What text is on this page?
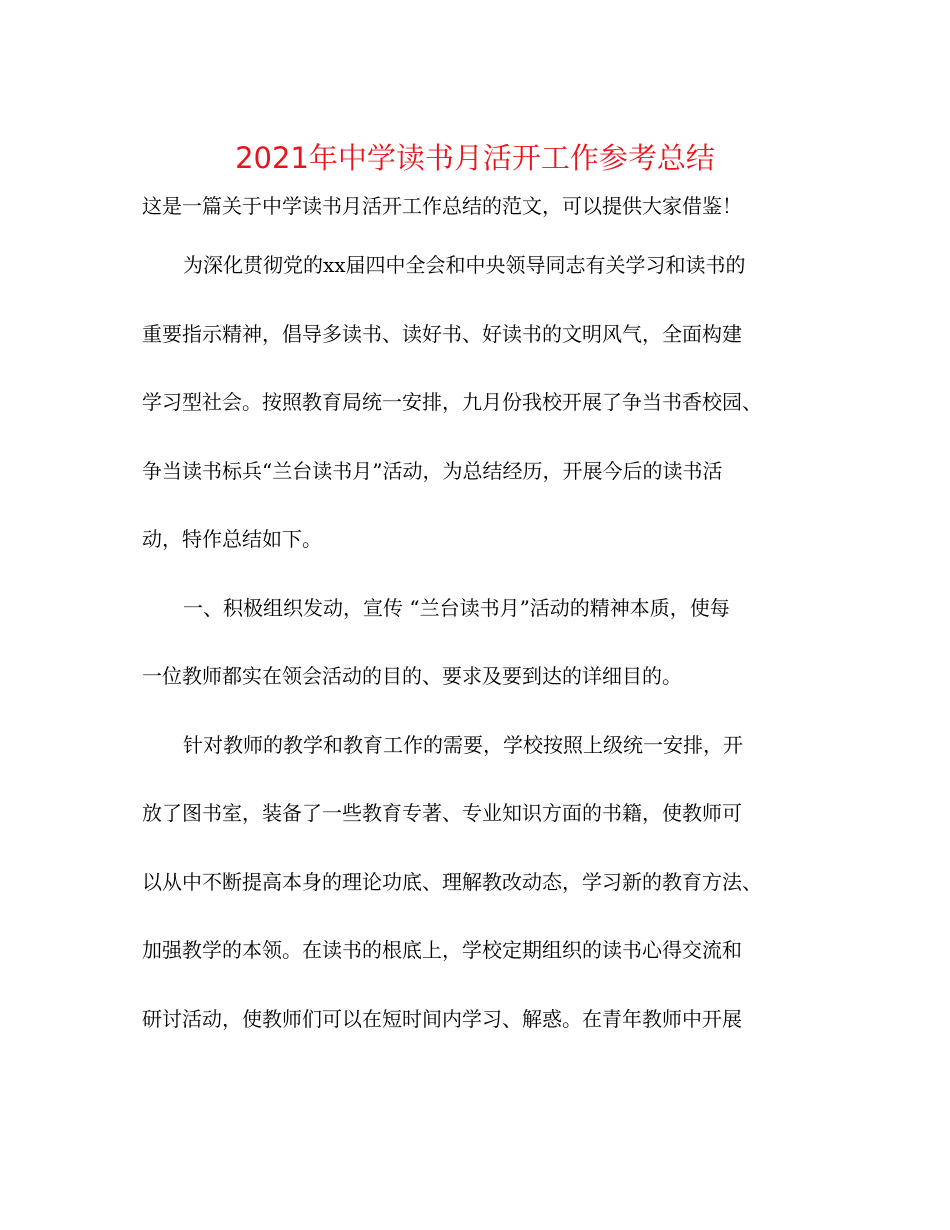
2021年中学读书月活开工作参考总结
这是一篇关于中学读书月活开工作总结的范文，可以提供大家借鉴！
为深化贯彻党的xx届四中全会和中央领导同志有关学习和读书的
重要指示精神，倡导多读书、读好书、好读书的文明风气，全面构建
学习型社会。按照教育局统一安排，九月份我校开展了争当书香校园、
争当读书标兵“兰台读书月”活动，为总结经历，开展今后的读书活
动，特作总结如下。
一、积极组织发动，宣传 “兰台读书月”活动的精神本质，使每
一位教师都实在领会活动的目的、要求及要到达的详细目的。
针对教师的教学和教育工作的需要，学校按照上级统一安排，开
放了图书室，装备了一些教育专著、专业知识方面的书籍，使教师可
以从中不断提高本身的理论功底、理解教改动态，学习新的教育方法、
加强教学的本领。在读书的根底上，学校定期组织的读书心得交流和
研讨活动，使教师们可以在短时间内学习、解惑。在青年教师中开展
